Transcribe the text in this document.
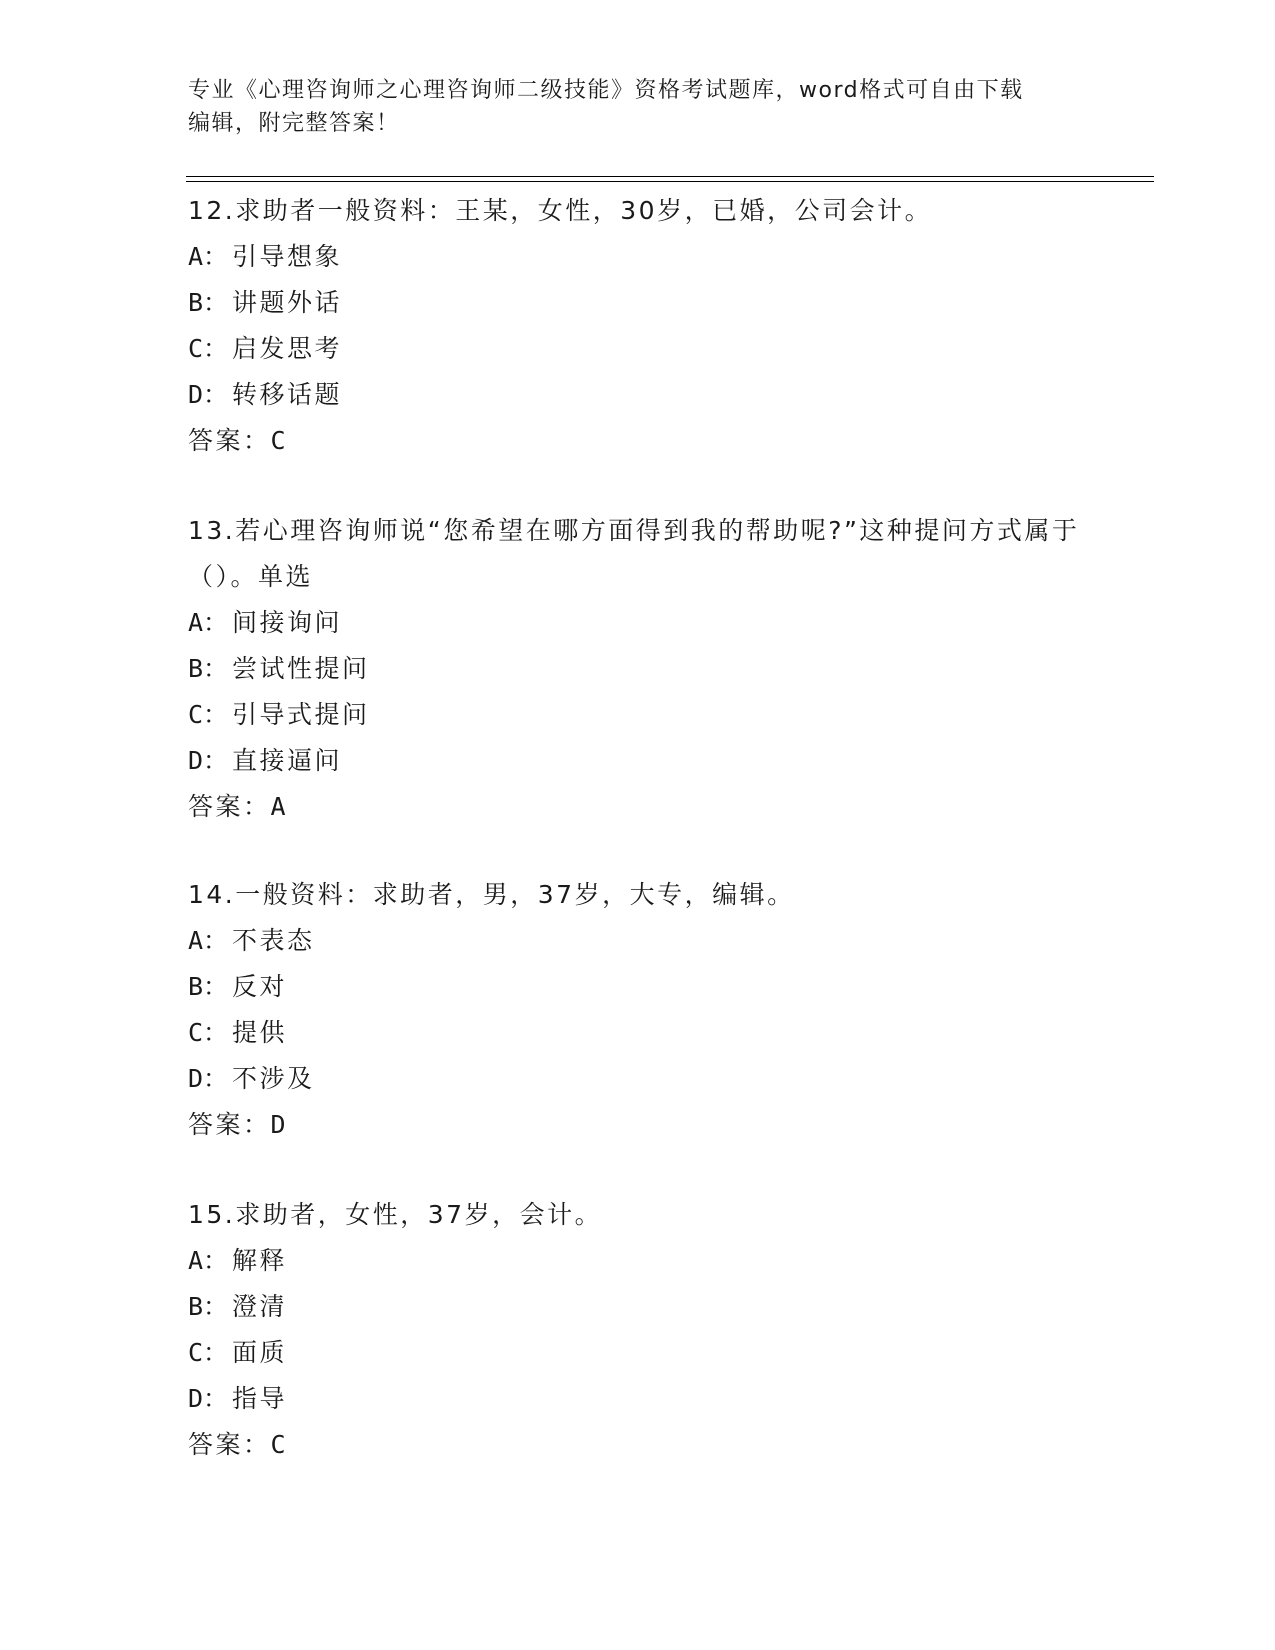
专业《心理咨询师之心理咨询师二级技能》资格考试题库，word格式可自由下载
编辑，附完整答案！

12.求助者一般资料：王某，女性，30岁，已婚，公司会计。

A： 引导想象

B： 讲题外话

C： 启发思考

D： 转移话题

答案：C

13.若心理咨询师说“您希望在哪方面得到我的帮助呢?”这种提问方式属于（）。单选

A： 间接询问

B： 尝试性提问

C： 引导式提问

D： 直接逼问

答案：A

14.一般资料：求助者，男，37岁，大专，编辑。

A： 不表态

B： 反对

C： 提供

D： 不涉及

答案：D

15.求助者，女性，37岁，会计。

A： 解释

B： 澄清

C： 面质

D： 指导

答案：C
